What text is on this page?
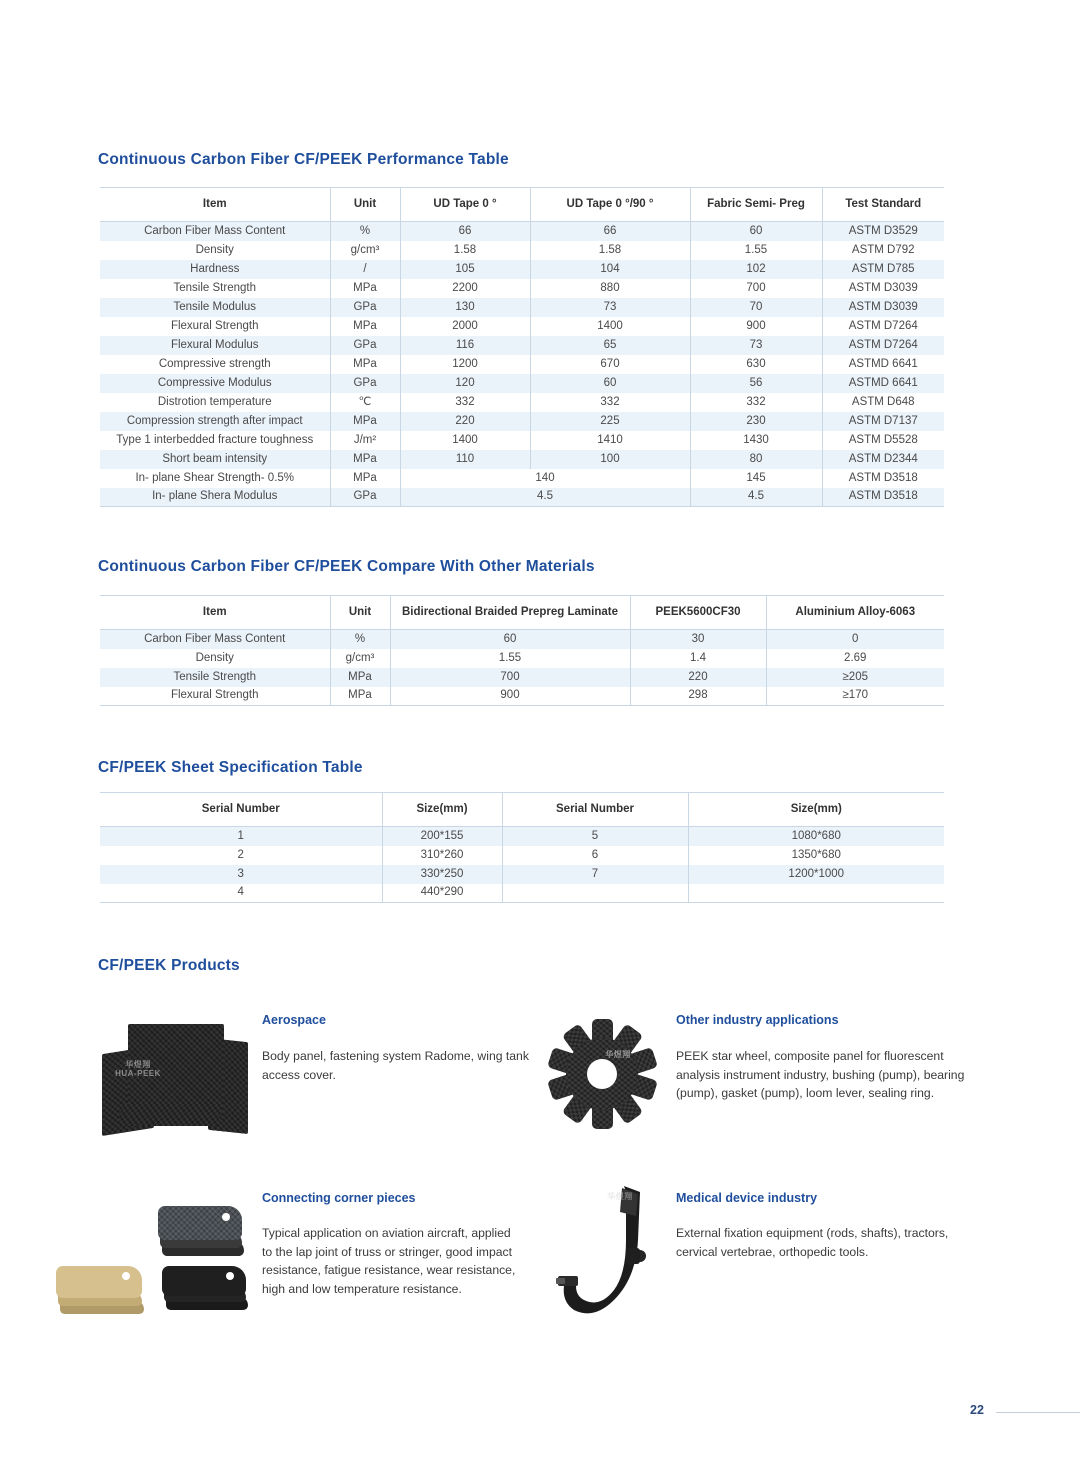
Continuous Carbon Fiber CF/PEEK Performance Table
Item	Unit	UD Tape 0 °	UD Tape 0 °/90 °	Fabric Semi- Preg	Test Standard
Carbon Fiber Mass Content	%	66	66	60	ASTM D3529
Density	g/cm³	1.58	1.58	1.55	ASTM D792
Hardness	/	105	104	102	ASTM D785
Tensile Strength	MPa	2200	880	700	ASTM D3039
Tensile Modulus	GPa	130	73	70	ASTM D3039
Flexural Strength	MPa	2000	1400	900	ASTM D7264
Flexural Modulus	GPa	116	65	73	ASTM D7264
Compressive strength	MPa	1200	670	630	ASTMD 6641
Compressive Modulus	GPa	120	60	56	ASTMD 6641
Distrotion temperature	℃	332	332	332	ASTM D648
Compression strength after impact	MPa	220	225	230	ASTM D7137
Type 1 interbedded fracture toughness	J/m²	1400	1410	1430	ASTM D5528
Short beam intensity	MPa	110	100	80	ASTM D2344
In- plane Shear Strength- 0.5%	MPa	140		145	ASTM D3518
In- plane Shera Modulus	GPa	4.5		4.5	ASTM D3518
Continuous Carbon Fiber CF/PEEK Compare With Other Materials
Item	Unit	Bidirectional Braided Prepreg Laminate	PEEK5600CF30	Aluminium Alloy-6063
Carbon Fiber Mass Content	%	60	30	0
Density	g/cm³	1.55	1.4	2.69
Tensile Strength	MPa	700	220	≥205
Flexural Strength	MPa	900	298	≥170
CF/PEEK Sheet Specification Table
Serial Number	Size(mm)	Serial Number	Size(mm)
1	200*155	5	1080*680
2	310*260	6	1350*680
3	330*250	7	1200*1000
4	440*290		
CF/PEEK Products
华煜翔
HUA-PEEK
Aerospace
Body panel, fastening system Radome, wing tank access cover.
华煜翔
Other industry applications
PEEK star wheel, composite panel for fluorescent analysis instrument industry, bushing (pump), bearing (pump), gasket (pump), loom lever, sealing ring.
Connecting corner pieces
Typical application on aviation aircraft, applied to the lap joint of truss or stringer, good impact resistance, fatigue resistance, wear resistance, high and low temperature resistance.
华煜翔	Medical device industry
External fixation equipment (rods, shafts), tractors, cervical vertebrae, orthopedic tools.
22
